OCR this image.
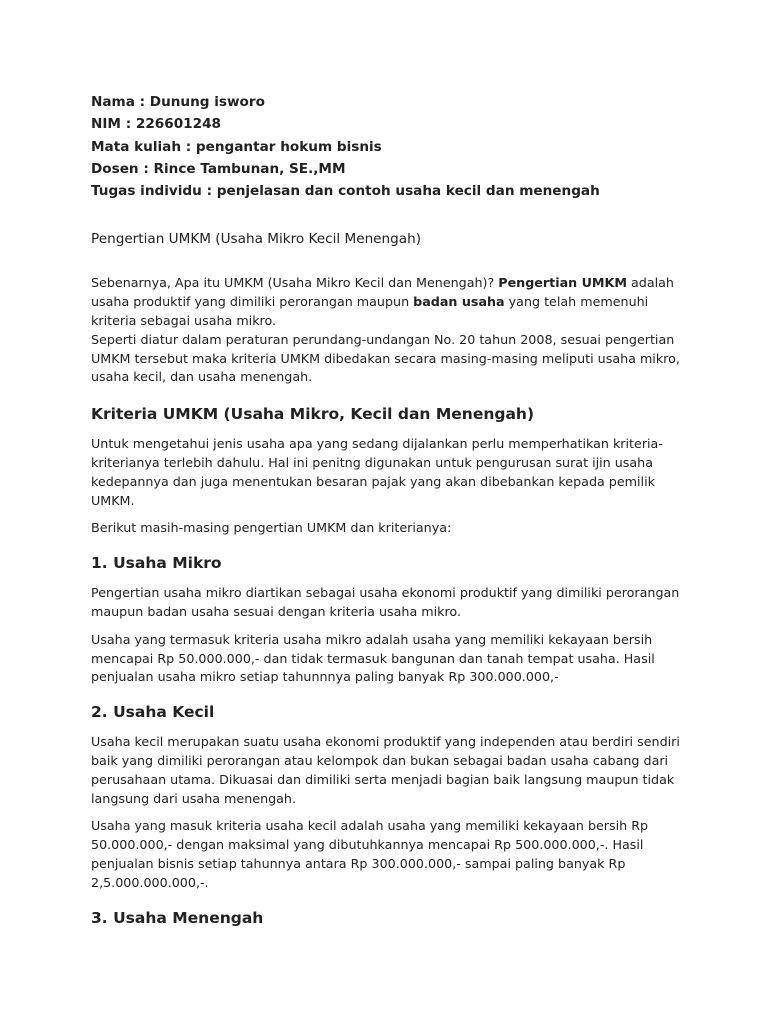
Nama : Dunung isworo

NIM : 226601248

Mata kuliah : pengantar hokum bisnis

Dosen : Rince Tambunan, SE.,MM

Tugas individu : penjelasan dan contoh usaha kecil dan menengah

Pengertian UMKM (Usaha Mikro Kecil Menengah)

Sebenarnya, Apa itu UMKM (Usaha Mikro Kecil dan Menengah)? Pengertian UMKM adalah usaha produktif yang dimiliki perorangan maupun badan usaha yang telah memenuhi kriteria sebagai usaha mikro.

Seperti diatur dalam peraturan perundang-undangan No. 20 tahun 2008, sesuai pengertian UMKM tersebut maka kriteria UMKM dibedakan secara masing-masing meliputi usaha mikro, usaha kecil, dan usaha menengah.

Kriteria UMKM (Usaha Mikro, Kecil dan Menengah)

Untuk mengetahui jenis usaha apa yang sedang dijalankan perlu memperhatikan kriteria-kriterianya terlebih dahulu. Hal ini penitng digunakan untuk pengurusan surat ijin usaha kedepannya dan juga menentukan besaran pajak yang akan dibebankan kepada pemilik UMKM.

Berikut masih-masing pengertian UMKM dan kriterianya:

1. Usaha Mikro

Pengertian usaha mikro diartikan sebagai usaha ekonomi produktif yang dimiliki perorangan maupun badan usaha sesuai dengan kriteria usaha mikro.

Usaha yang termasuk kriteria usaha mikro adalah usaha yang memiliki kekayaan bersih mencapai Rp 50.000.000,- dan tidak termasuk bangunan dan tanah tempat usaha. Hasil penjualan usaha mikro setiap tahunnnya paling banyak Rp 300.000.000,-

2. Usaha Kecil

Usaha kecil merupakan suatu usaha ekonomi produktif yang independen atau berdiri sendiri baik yang dimiliki perorangan atau kelompok dan bukan sebagai badan usaha cabang dari perusahaan utama. Dikuasai dan dimiliki serta menjadi bagian baik langsung maupun tidak langsung dari usaha menengah.

Usaha yang masuk kriteria usaha kecil adalah usaha yang memiliki kekayaan bersih Rp 50.000.000,- dengan maksimal yang dibutuhkannya mencapai Rp 500.000.000,-. Hasil penjualan bisnis setiap tahunnya antara Rp 300.000.000,- sampai paling banyak Rp 2,5.000.000.000,-.

3. Usaha Menengah
